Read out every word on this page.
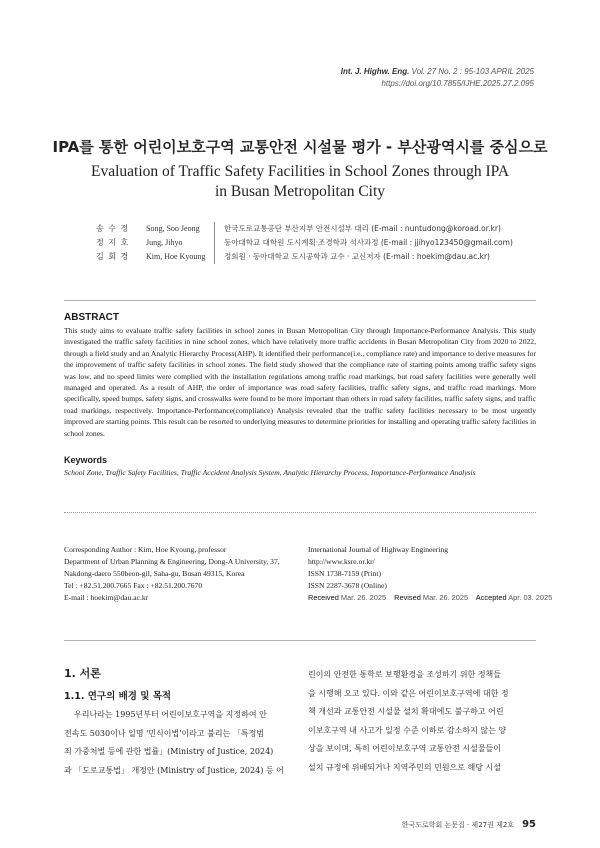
Int. J. Highw. Eng. Vol. 27 No. 2 : 95-103 APRIL 2025
https://doi.org/10.7855/IJHE.2025.27.2.095
IPA를 통한 어린이보호구역 교통안전 시설물 평가 - 부산광역시를 중심으로
Evaluation of Traffic Safety Facilities in School Zones through IPA
in Busan Metropolitan City
송 수 정	Song, Soo Jeong	한국도로교통공단 부산지부 안전시설부 대리 (E-mail : nuntudong@koroad.or.kr)
정 지 호	Jung, Jihyo	동아대학교 대학원 도시계획·조경학과 석사과정 (E-mail : jjihyo123450@gmail.com)
김 회 경	Kim, Hoe Kyoung	정회원 · 동아대학교 도시공학과 교수 · 교신저자 (E-mail : hoekim@dau.ac.kr)
ABSTRACT
This study aims to evaluate traffic safety facilities in school zones in Busan Metropolitan City through Importance-Performance Analysis. This study investigated the traffic safety facilities in nine school zones, which have relatively more traffic accidents in Busan Metropolitan City from 2020 to 2022, through a field study and an Analytic Hierarchy Process(AHP). It identified their performance(i.e., compliance rate) and importance to derive measures for the improvement of traffic safety facilities in school zones. The field study showed that the compliance rate of starting points among traffic safety signs was low, and no speed limits were complied with the installation regulations among traffic road markings, but road safety facilities were generally well managed and operated. As a result of AHP, the order of importance was road safety facilities, traffic safety signs, and traffic road markings. More specifically, speed bumps, safety signs, and crosswalks were found to be more important than others in road safety facilities, traffic safety signs, and traffic road markings, respectively. Importance-Performance(compliance) Analysis revealed that the traffic safety facilities necessary to be most urgently improved are starting points. This result can be resorted to underlying measures to determine priorities for installing and operating traffic safety facilities in school zones.
Keywords
School Zone, Traffic Safety Facilities, Traffic Accident Analysis System, Analytic Hierarchy Process, Importance-Performance Analysis
Corresponding Author : Kim, Hoe Kyoung, professor
Department of Urban Planning & Engineering, Dong-A University, 37,
Nakdong-daero 550beon-gil, Saha-gu, Busan 49315, Korea
Tel : +82.51.200.7665 Fax : +82.51.200.7670
E-mail : hoekim@dau.ac.kr
International Journal of Highway Engineering
http://www.ksre.or.kr/
ISSN 1738-7159 (Print)
ISSN 2287-3678 (Online)
Received Mar. 26. 2025 Revised Mar. 26. 2025 Accepted Apr. 03. 2025
1. 서론
1.1. 연구의 배경 및 목적
우리나라는 1995년부터 어린이보호구역을 지정하여 안
전속도 5030이나 일명 '민식이법'이라고 불리는 「특정범
죄 가중처벌 등에 관한 법률」(Ministry of Justice, 2024)
과 「도로교통법」 개정안 (Ministry of Justice, 2024) 등 어
린이의 안전한 통학로 보행환경을 조성하기 위한 정책들
을 시행해 오고 있다. 이와 같은 어린이보호구역에 대한 정
책 개선과 교통안전 시설물 설치 확대에도 불구하고 어린
이보호구역 내 사고가 일정 수준 이하로 감소하지 않는 양
상을 보이며, 특히 어린이보호구역 교통안전 시설물들이
설치 규정에 위배되거나 지역주민의 민원으로 해당 시설
한국도로학회 논문집 · 제27권 제2호 95
